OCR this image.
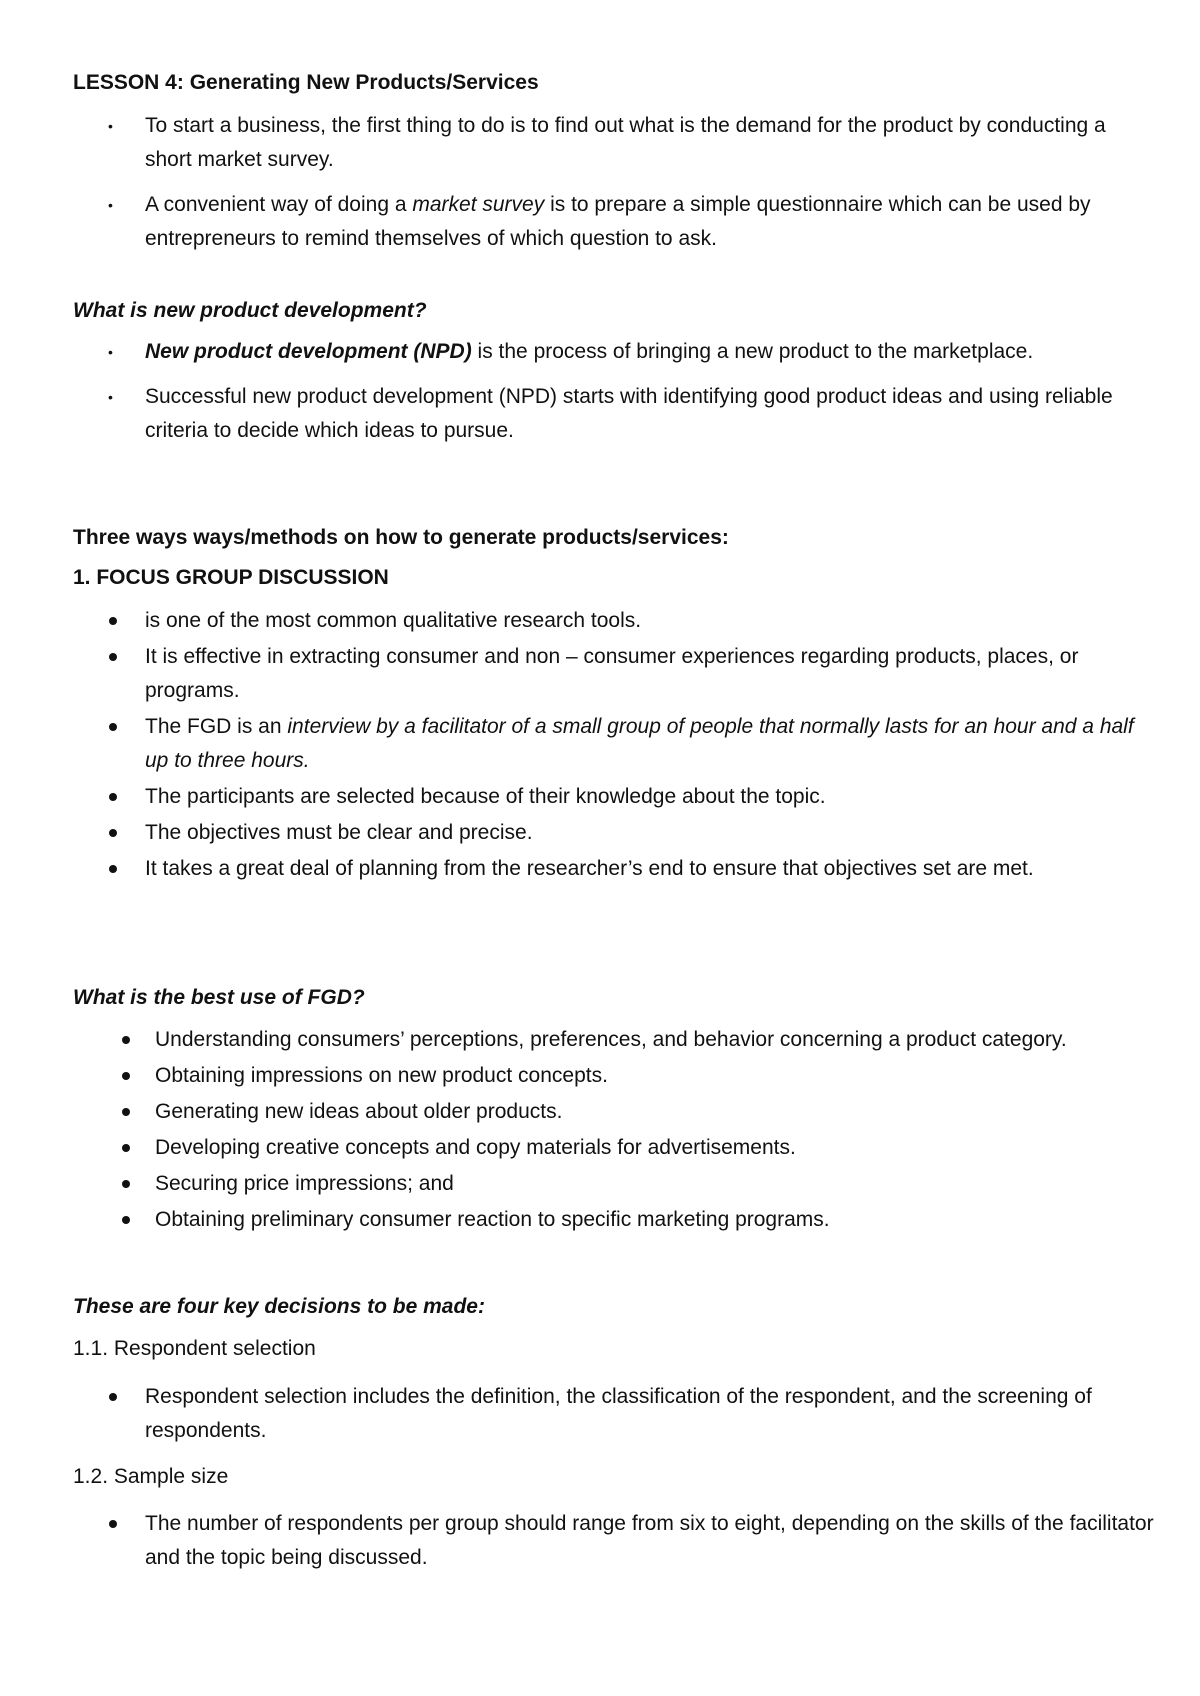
LESSON 4: Generating New Products/Services

• To start a business, the first thing to do is to find out what is the demand for the product by conducting a short market survey.
• A convenient way of doing a market survey is to prepare a simple questionnaire which can be used by entrepreneurs to remind themselves of which question to ask.

What is new product development?

• New product development (NPD) is the process of bringing a new product to the marketplace.
• Successful new product development (NPD) starts with identifying good product ideas and using reliable criteria to decide which ideas to pursue.

Three ways ways/methods on how to generate products/services:

1. FOCUS GROUP DISCUSSION

is one of the most common qualitative research tools.
It is effective in extracting consumer and non – consumer experiences regarding products, places, or programs.
The FGD is an interview by a facilitator of a small group of people that normally lasts for an hour and a half up to three hours.
The participants are selected because of their knowledge about the topic.
The objectives must be clear and precise.
It takes a great deal of planning from the researcher’s end to ensure that objectives set are met.

What is the best use of FGD?

Understanding consumers’ perceptions, preferences, and behavior concerning a product category.
Obtaining impressions on new product concepts.
Generating new ideas about older products.
Developing creative concepts and copy materials for advertisements.
Securing price impressions; and
Obtaining preliminary consumer reaction to specific marketing programs.

These are four key decisions to be made:

1.1. Respondent selection

Respondent selection includes the definition, the classification of the respondent, and the screening of respondents.

1.2. Sample size

The number of respondents per group should range from six to eight, depending on the skills of the facilitator and the topic being discussed.
